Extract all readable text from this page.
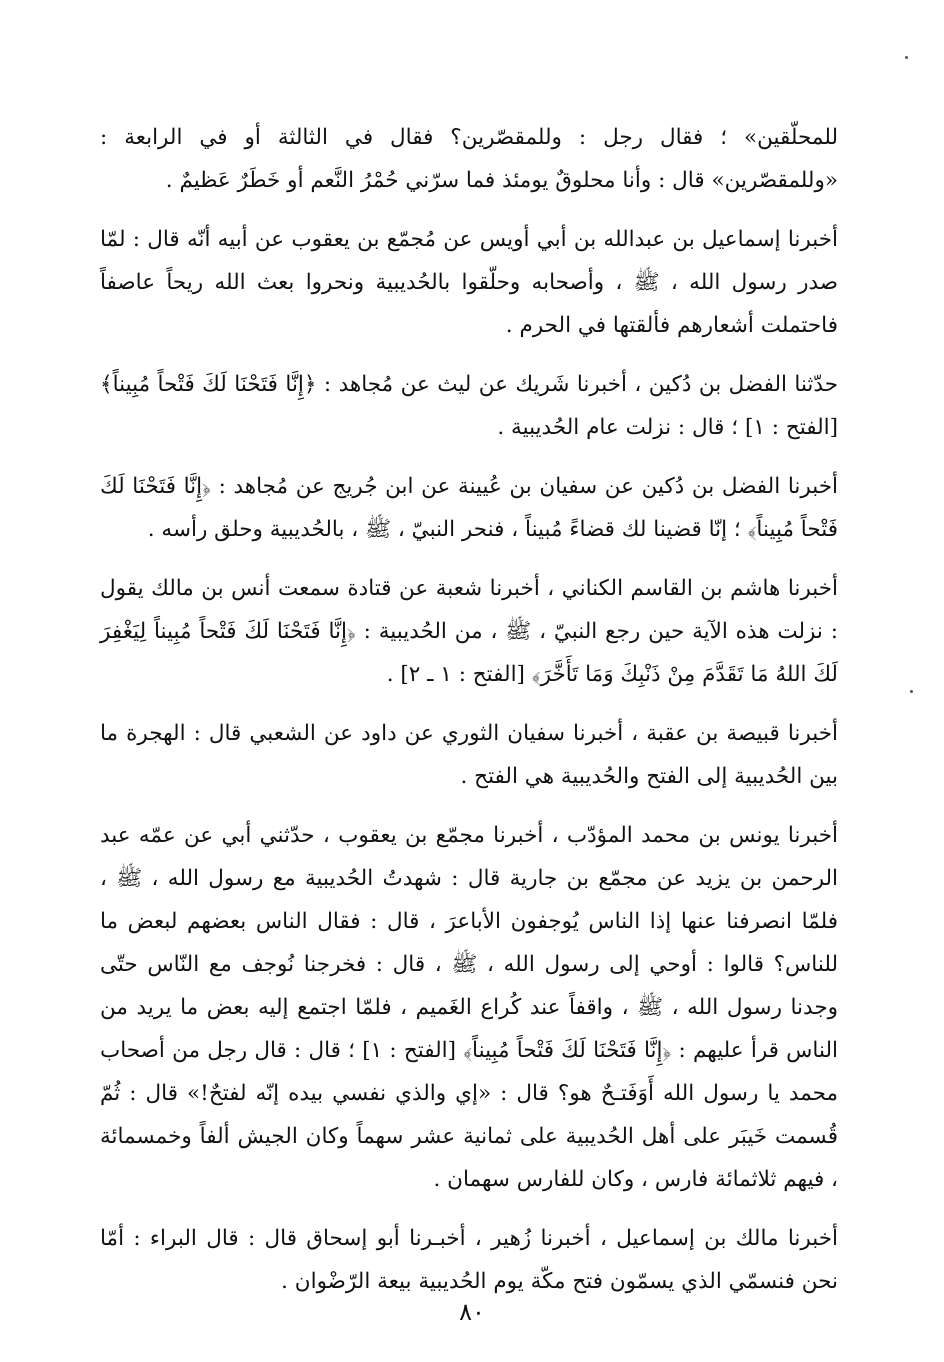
للمحلّقين» ؛ فقال رجل : وللمقصّرين؟ فقال في الثالثة أو في الرابعة : «وللمقصّرين» قال : وأنا محلوقٌ يومئذ فما سرّني حُمْرُ النَّعم أو خَطَرٌ عَظيمٌ .

أخبرنا إسماعيل بن عبدالله بن أبي أويس عن مُجمّع بن يعقوب عن أبيه أنّه قال : لمّا صدر رسول الله ، ﷺ ، وأصحابه وحلّقوا بالحُديبية ونحروا بعث الله ريحاً عاصفاً فاحتملت أشعارهم فألقتها في الحرم .

حدّثنا الفضل بن دُكين ، أخبرنا شَريك عن ليث عن مُجاهد : ﴿إِنَّا فَتَحْنَا لَكَ فَتْحاً مُبِيناً﴾ [الفتح : ١] ؛ قال : نزلت عام الحُديبية .

أخبرنا الفضل بن دُكين عن سفيان بن عُيينة عن ابن جُريج عن مُجاهد : ﴿إِنَّا فَتَحْنَا لَكَ فَتْحاً مُبِيناً﴾ ؛ إنّا قضينا لك قضاءً مُبيناً ، فنحر النبيّ ، ﷺ ، بالحُديبية وحلق رأسه .

أخبرنا هاشم بن القاسم الكناني ، أخبرنا شعبة عن قتادة سمعت أنس بن مالك يقول : نزلت هذه الآية حين رجع النبيّ ، ﷺ ، من الحُديبية : ﴿إِنَّا فَتَحْنَا لَكَ فَتْحاً مُبِيناً لِيَغْفِرَ لَكَ اللهُ مَا تَقَدَّمَ مِنْ ذَنْبِكَ وَمَا تَأَخَّرَ﴾ [الفتح : ١ ـ ٢] .

أخبرنا قبيصة بن عقبة ، أخبرنا سفيان الثوري عن داود عن الشعبي قال : الهجرة ما بين الحُديبية إلى الفتح والحُديبية هي الفتح .

أخبرنا يونس بن محمد المؤدّب ، أخبرنا مجمّع بن يعقوب ، حدّثني أبي عن عمّه عبد الرحمن بن يزيد عن مجمّع بن جارية قال : شهدتُ الحُديبية مع رسول الله ، ﷺ ، فلمّا انصرفنا عنها إذا الناس يُوجفون الأباعرَ ، قال : فقال الناس بعضهم لبعض ما للناس؟ قالوا : أوحي إلى رسول الله ، ﷺ ، قال : فخرجنا نُوجف مع النّاس حتّى وجدنا رسول الله ، ﷺ ، واقفاً عند كُراع الغَميم ، فلمّا اجتمع إليه بعض ما يريد من الناس قرأ عليهم : ﴿إِنَّا فَتَحْنَا لَكَ فَتْحاً مُبِيناً﴾ [الفتح : ١] ؛ قال : قال رجل من أصحاب محمد يا رسول الله أَوَفَتـحٌ هو؟ قال : «إي والذي نفسي بيده إنّه لفتحٌ!» قال : ثُمّ قُسمت خَيبَر على أهل الحُديبية على ثمانية عشر سهماً وكان الجيش ألفاً وخمسمائة ، فيهم ثلاثمائة فارس ، وكان للفارس سهمان .

أخبرنا مالك بن إسماعيل ، أخبرنا زُهير ، أخبـرنا أبو إسحاق قال : قال البراء : أمّا نحن فنسمّي الذي يسمّون فتح مكّة يوم الحُديبية بيعة الرّضْوان .

٨٠
